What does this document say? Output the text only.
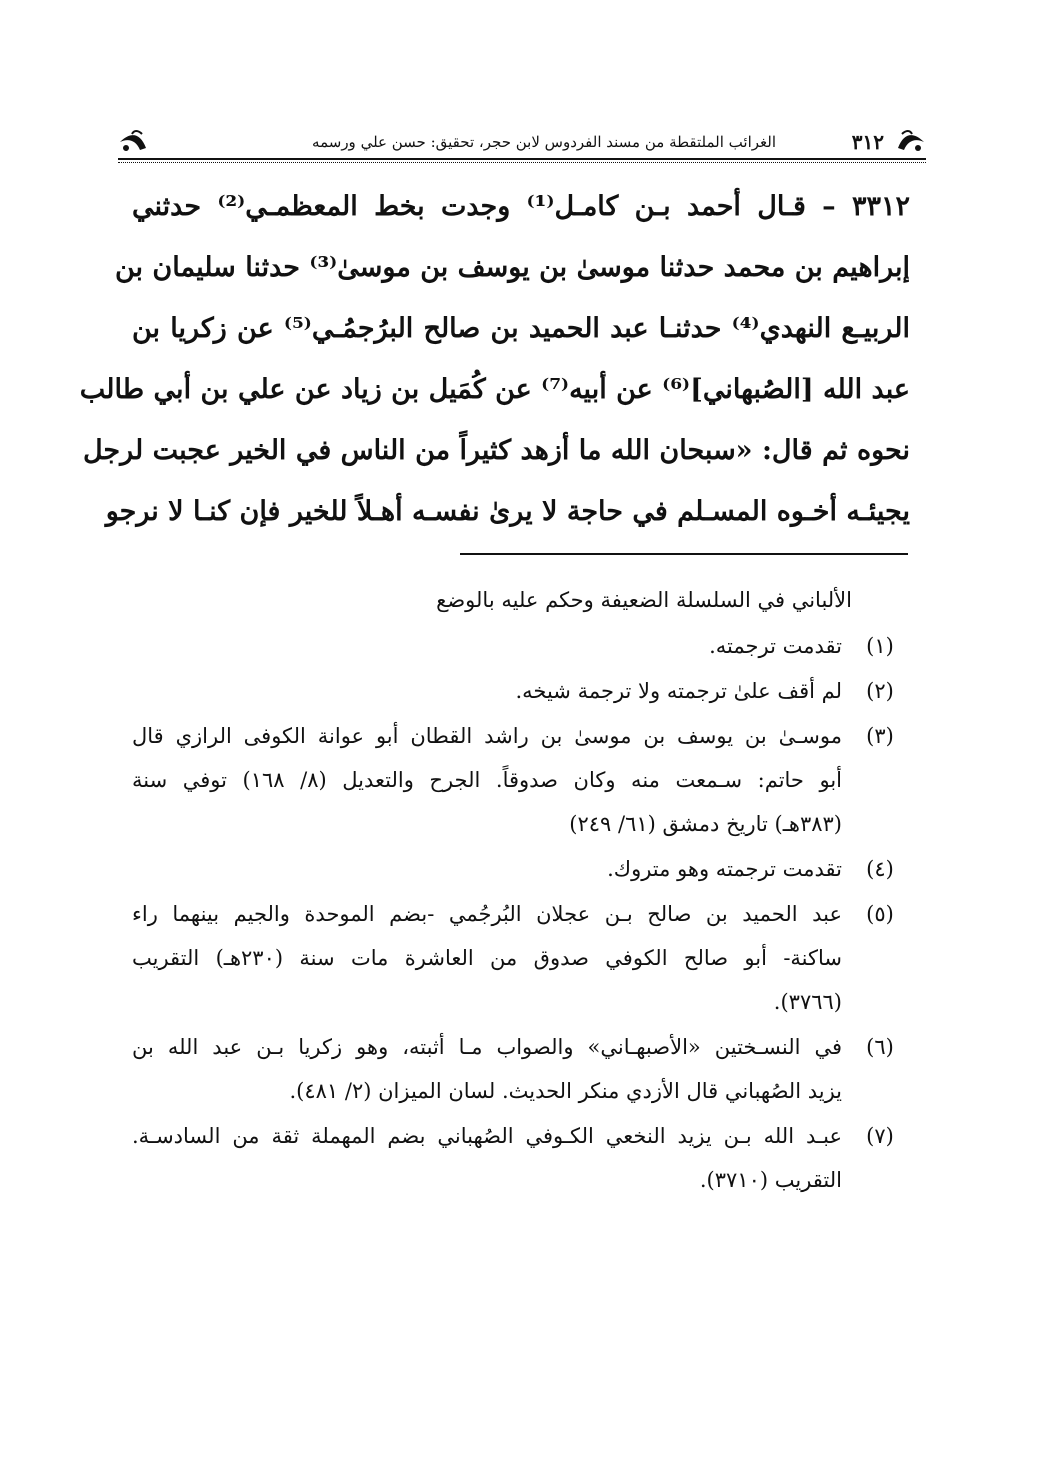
٣١٢
الغرائب الملتقطة من مسند الفردوس لابن حجر، تحقيق: حسن علي ورسمه
٣٣١٢ – قـال أحمد بـن كامـل⁽¹⁾ وجدت بخط المعظمـي⁽²⁾ حدثني
إبراهيم بن محمد حدثنا موسىٰ بن يوسف بن موسىٰ⁽³⁾ حدثنا سليمان بن
الربيـع النهدي⁽⁴⁾ حدثنـا عبد الحميد بن صالح البرُجمُـي⁽⁵⁾ عن زكريا بن
عبد الله [الصُبهاني]⁽⁶⁾ عن أبيه⁽⁷⁾ عن كُمَيل بن زياد عن علي بن أبي طالب
نحوه ثم قال: «سبحان الله ما أزهد كثيراً من الناس في الخير عجبت لرجل
يجيئـه أخـوه المسـلم في حاجة لا يرىٰ نفسـه أهـلاً للخير فإن كنـا لا نرجو
الألباني في السلسلة الضعيفة وحكم عليه بالوضع
(١)
تقدمت ترجمته.
(٢)
لم أقف علىٰ ترجمته ولا ترجمة شيخه.
(٣)
موسـىٰ بن يوسف بن موسىٰ بن راشد القطان أبو عوانة الكوفى الرازي قال
أبو حاتم: سـمعت منه وكان صدوقاً. الجرح والتعديل (٨/ ١٦٨) توفي سنة
(٣٨٣هـ) تاريخ دمشق (٦١/ ٢٤٩)
(٤)
تقدمت ترجمته وهو متروك.
(٥)
عبد الحميد بن صالح بـن عجلان البُرجُمي -بضم الموحدة والجيم بينهما راء
ساكنة- أبو صالح الكوفي صدوق من العاشرة مات سنة (٢٣٠هـ) التقريب
(٣٧٦٦).
(٦)
في النسـختين «الأصبهـاني» والصواب مـا أثبته، وهو زكريا بـن عبد الله بن
يزيد الصُهباني قال الأزدي منكر الحديث. لسان الميزان (٢/ ٤٨١).
(٧)
عبـد الله بـن يزيد النخعي الكـوفي الصُهباني بضم المهملة ثقة من السادسـة.
التقريب (٣٧١٠).
